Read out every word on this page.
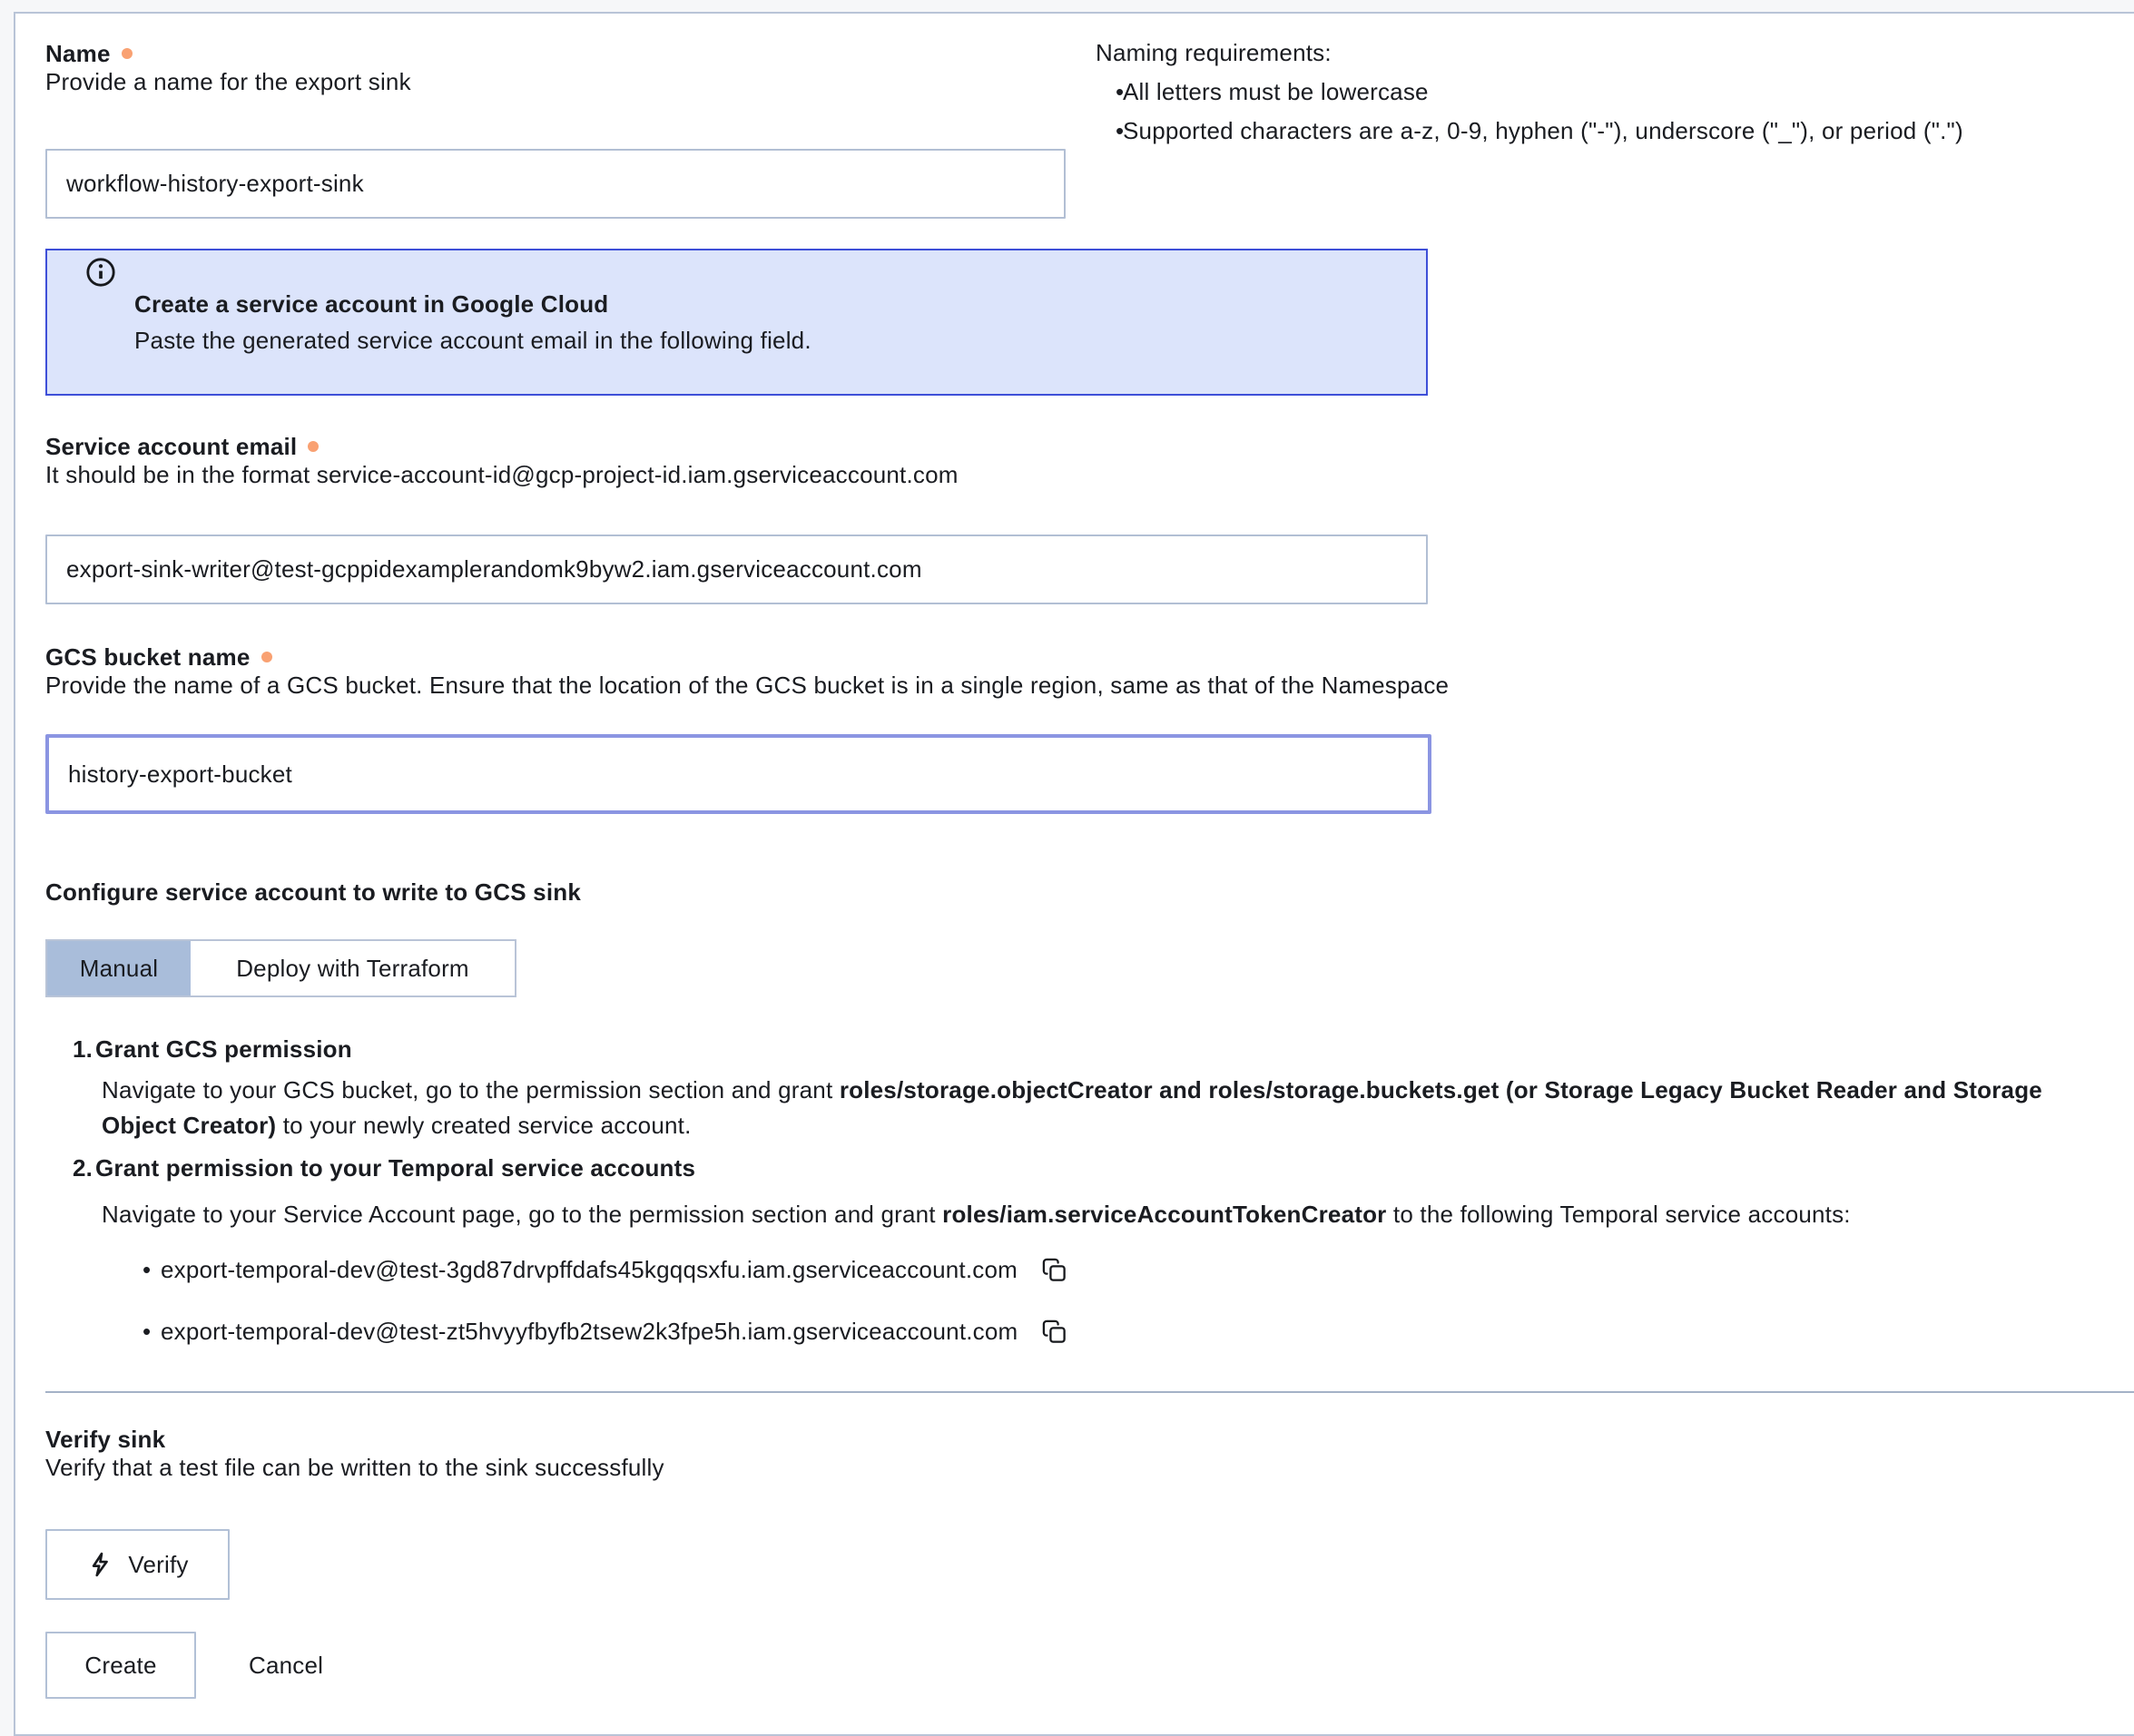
Name
Provide a name for the export sink
workflow-history-export-sink
Create a service account in Google Cloud
Paste the generated service account email in the following field.
Service account email
It should be in the format service-account-id@gcp-project-id.iam.gserviceaccount.com
export-sink-writer@test-gcppidexamplerandomk9byw2.iam.gserviceaccount.com
GCS bucket name
Provide the name of a GCS bucket. Ensure that the location of the GCS bucket is in a single region, same as that of the Namespace
history-export-bucket
Configure service account to write to GCS sink
Manual	Deploy with Terraform
1. Grant GCS permission
Navigate to your GCS bucket, go to the permission section and grant roles/storage.objectCreator and roles/storage.buckets.get (or Storage Legacy Bucket Reader and Storage Object Creator) to your newly created service account.
2. Grant permission to your Temporal service accounts
Navigate to your Service Account page, go to the permission section and grant roles/iam.serviceAccountTokenCreator to the following Temporal service accounts:
•
export-temporal-dev@test-3gd87drvpffdafs45kgqqsxfu.iam.gserviceaccount.com
•
export-temporal-dev@test-zt5hvyyfbyfb2tsew2k3fpe5h.iam.gserviceaccount.com
Verify sink
Verify that a test file can be written to the sink successfully
Verify
Create	Cancel
Naming requirements:
•
All letters must be lowercase
•
Supported characters are a-z, 0-9, hyphen ("-"), underscore ("_"), or period (".")
